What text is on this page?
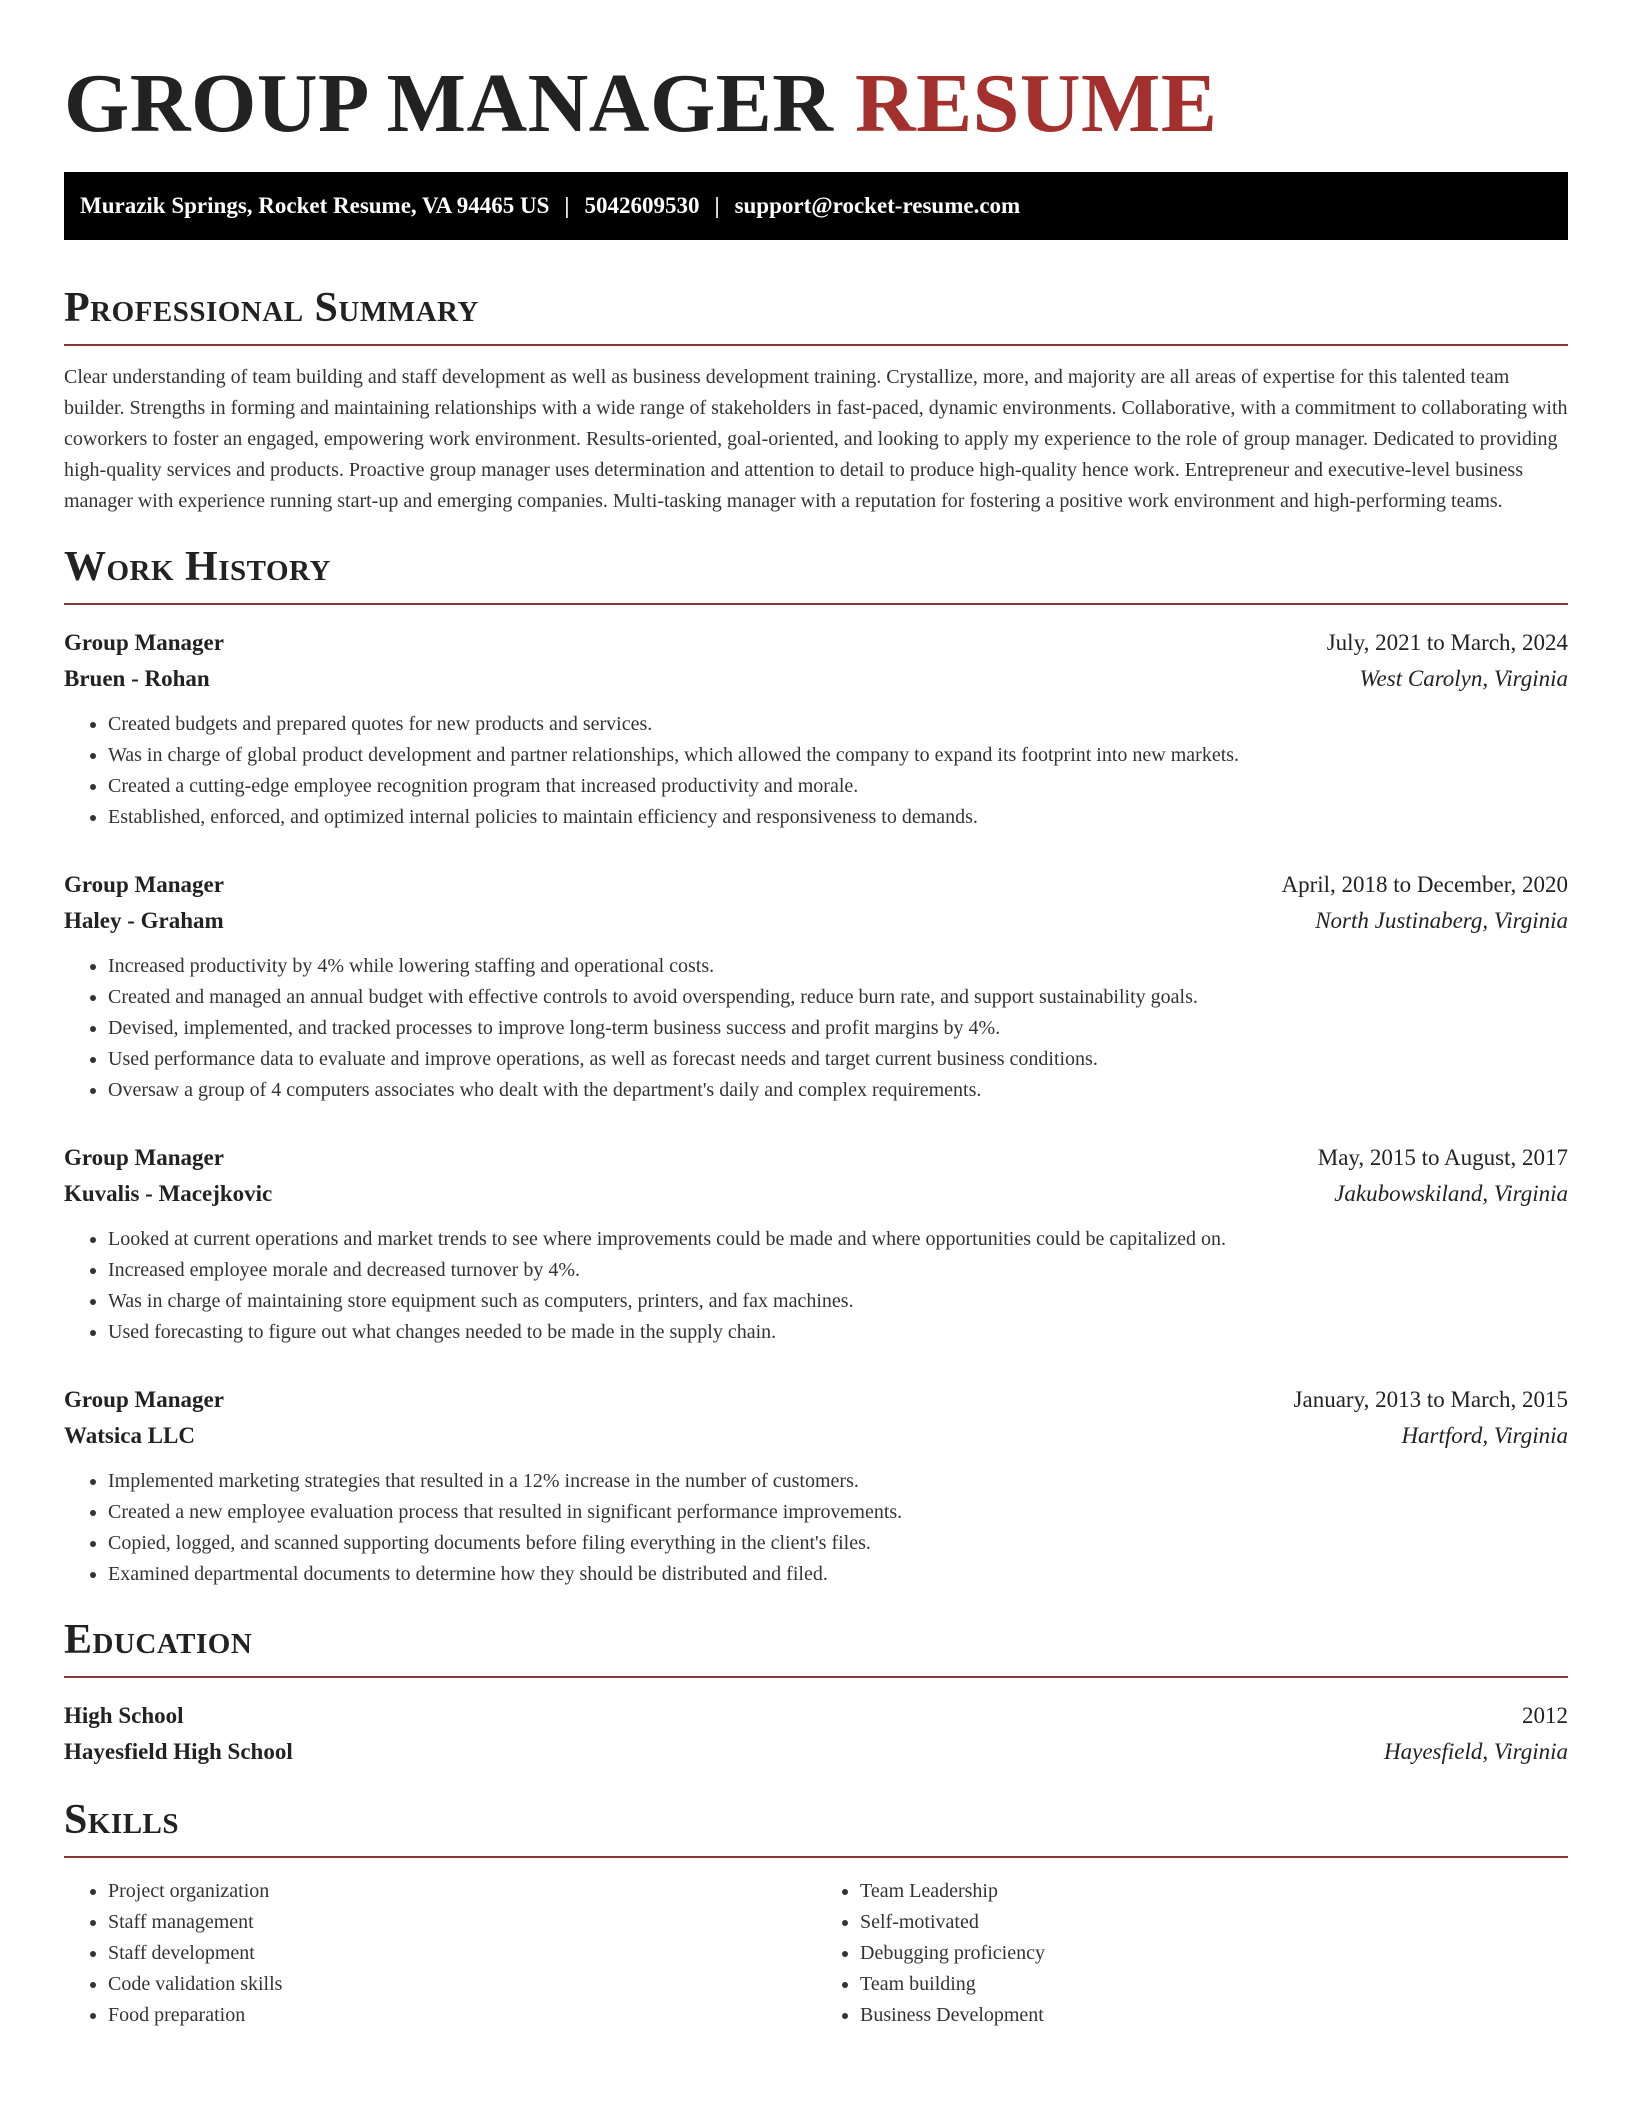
GROUP MANAGER RESUME
Murazik Springs, Rocket Resume, VA 94465 US | 5042609530 | support@rocket-resume.com
Professional Summary
Clear understanding of team building and staff development as well as business development training. Crystallize, more, and majority are all areas of expertise for this talented team builder. Strengths in forming and maintaining relationships with a wide range of stakeholders in fast-paced, dynamic environments. Collaborative, with a commitment to collaborating with coworkers to foster an engaged, empowering work environment. Results-oriented, goal-oriented, and looking to apply my experience to the role of group manager. Dedicated to providing high-quality services and products. Proactive group manager uses determination and attention to detail to produce high-quality hence work. Entrepreneur and executive-level business manager with experience running start-up and emerging companies. Multi-tasking manager with a reputation for fostering a positive work environment and high-performing teams.
Work History
Group Manager	July, 2021 to March, 2024
Bruen - Rohan	West Carolyn, Virginia
• Created budgets and prepared quotes for new products and services.
• Was in charge of global product development and partner relationships, which allowed the company to expand its footprint into new markets.
• Created a cutting-edge employee recognition program that increased productivity and morale.
• Established, enforced, and optimized internal policies to maintain efficiency and responsiveness to demands.
Group Manager	April, 2018 to December, 2020
Haley - Graham	North Justinaberg, Virginia
• Increased productivity by 4% while lowering staffing and operational costs.
• Created and managed an annual budget with effective controls to avoid overspending, reduce burn rate, and support sustainability goals.
• Devised, implemented, and tracked processes to improve long-term business success and profit margins by 4%.
• Used performance data to evaluate and improve operations, as well as forecast needs and target current business conditions.
• Oversaw a group of 4 computers associates who dealt with the department's daily and complex requirements.
Group Manager	May, 2015 to August, 2017
Kuvalis - Macejkovic	Jakubowskiland, Virginia
• Looked at current operations and market trends to see where improvements could be made and where opportunities could be capitalized on.
• Increased employee morale and decreased turnover by 4%.
• Was in charge of maintaining store equipment such as computers, printers, and fax machines.
• Used forecasting to figure out what changes needed to be made in the supply chain.
Group Manager	January, 2013 to March, 2015
Watsica LLC	Hartford, Virginia
• Implemented marketing strategies that resulted in a 12% increase in the number of customers.
• Created a new employee evaluation process that resulted in significant performance improvements.
• Copied, logged, and scanned supporting documents before filing everything in the client's files.
• Examined departmental documents to determine how they should be distributed and filed.
Education
High School	2012
Hayesfield High School	Hayesfield, Virginia
Skills
• Project organization
• Staff management
• Staff development
• Code validation skills
• Food preparation
• Team Leadership
• Self-motivated
• Debugging proficiency
• Team building
• Business Development
